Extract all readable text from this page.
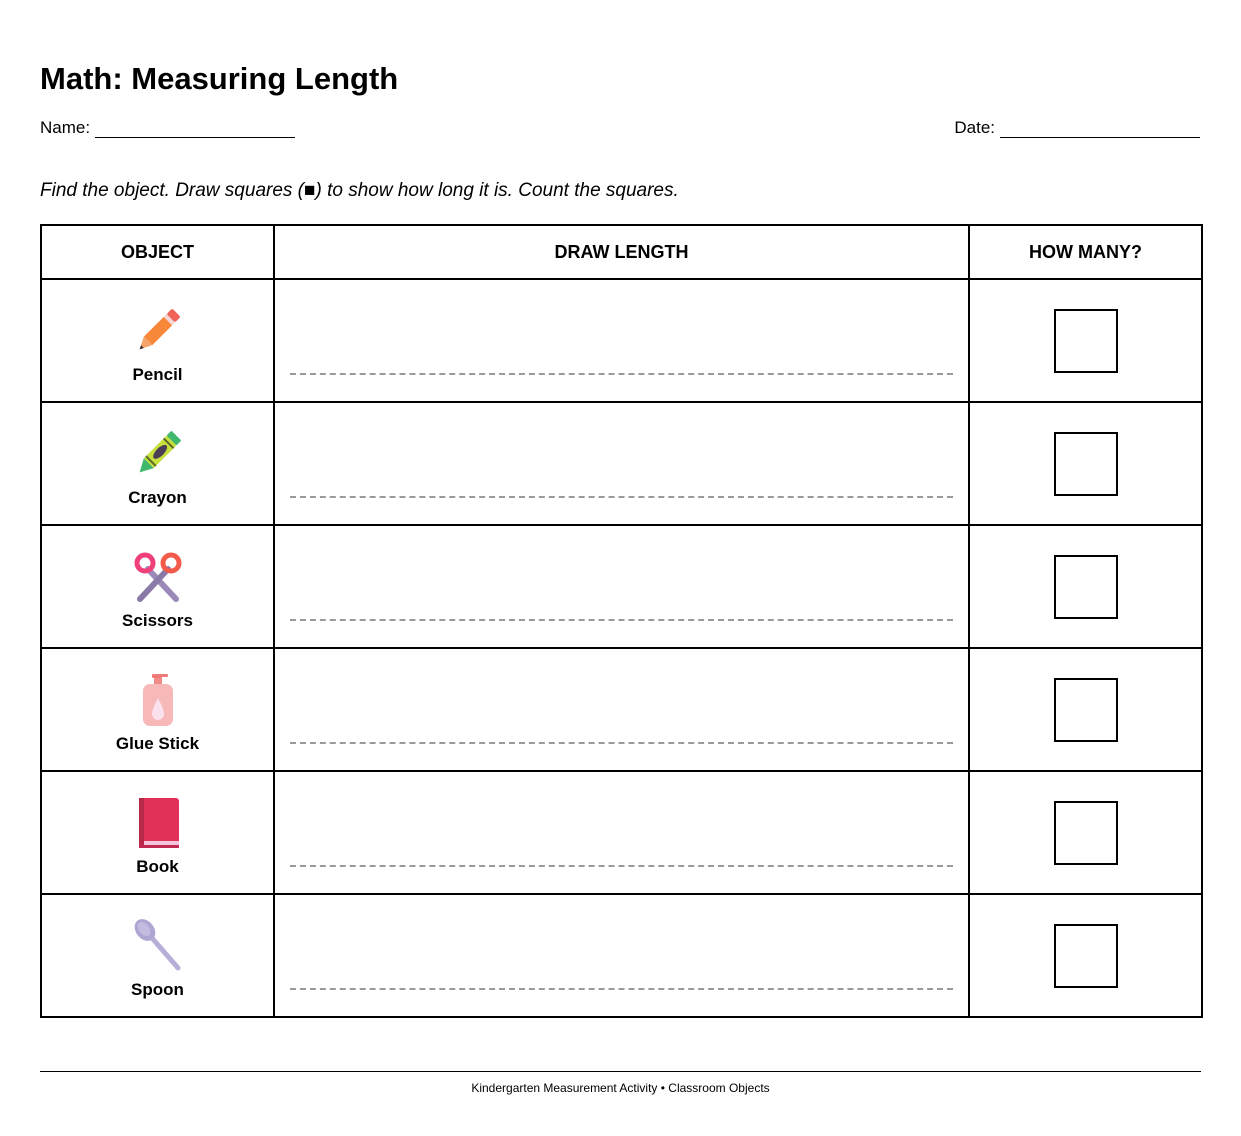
Math: Measuring Length
Name:	Date:
Find the object. Draw squares (■) to show how long it is. Count the squares.
OBJECT	DRAW LENGTH	HOW MANY?

Pencil		

Crayon		

Scissors		

Glue Stick		

Book		

Spoon		

Kindergarten Measurement Activity • Classroom Objects
